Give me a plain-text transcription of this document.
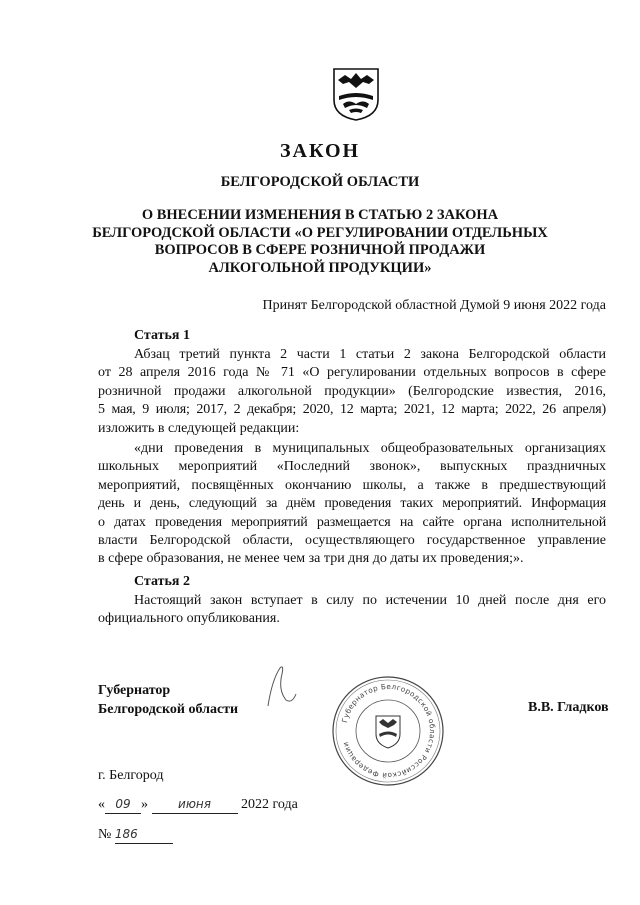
ЗАКОН
БЕЛГОРОДСКОЙ ОБЛАСТИ
О ВНЕСЕНИИ ИЗМЕНЕНИЯ В СТАТЬЮ 2 ЗАКОНА
БЕЛГОРОДСКОЙ ОБЛАСТИ «О РЕГУЛИРОВАНИИ ОТДЕЛЬНЫХ
ВОПРОСОВ В СФЕРЕ РОЗНИЧНОЙ ПРОДАЖИ
АЛКОГОЛЬНОЙ ПРОДУКЦИИ»
Принят Белгородской областной Думой 9 июня 2022 года
Статья 1
Абзац третий пункта 2 части 1 статьи 2 закона Белгородской области
от 28 апреля 2016 года № 71 «О регулировании отдельных вопросов в сфере
розничной продажи алкогольной продукции» (Белгородские известия, 2016,
5 мая, 9 июля; 2017, 2 декабря; 2020, 12 марта; 2021, 12 марта; 2022, 26 апреля)
изложить в следующей редакции:
«дни проведения в муниципальных общеобразовательных организациях
школьных мероприятий «Последний звонок», выпускных праздничных
мероприятий, посвящённых окончанию школы, а также в предшествующий
день и день, следующий за днём проведения таких мероприятий. Информация
о датах проведения мероприятий размещается на сайте органа исполнительной
власти Белгородской области, осуществляющего государственное управление
в сфере образования, не менее чем за три дня до даты их проведения;».
Статья 2
Настоящий закон вступает в силу по истечении 10 дней после дня его
официального опубликования.
Губернатор
Белгородской области	В.В. Гладков
Губернатор Белгородской области Российской Федерации
г. Белгород
« 09 »	июня 2022 года
№ 186
